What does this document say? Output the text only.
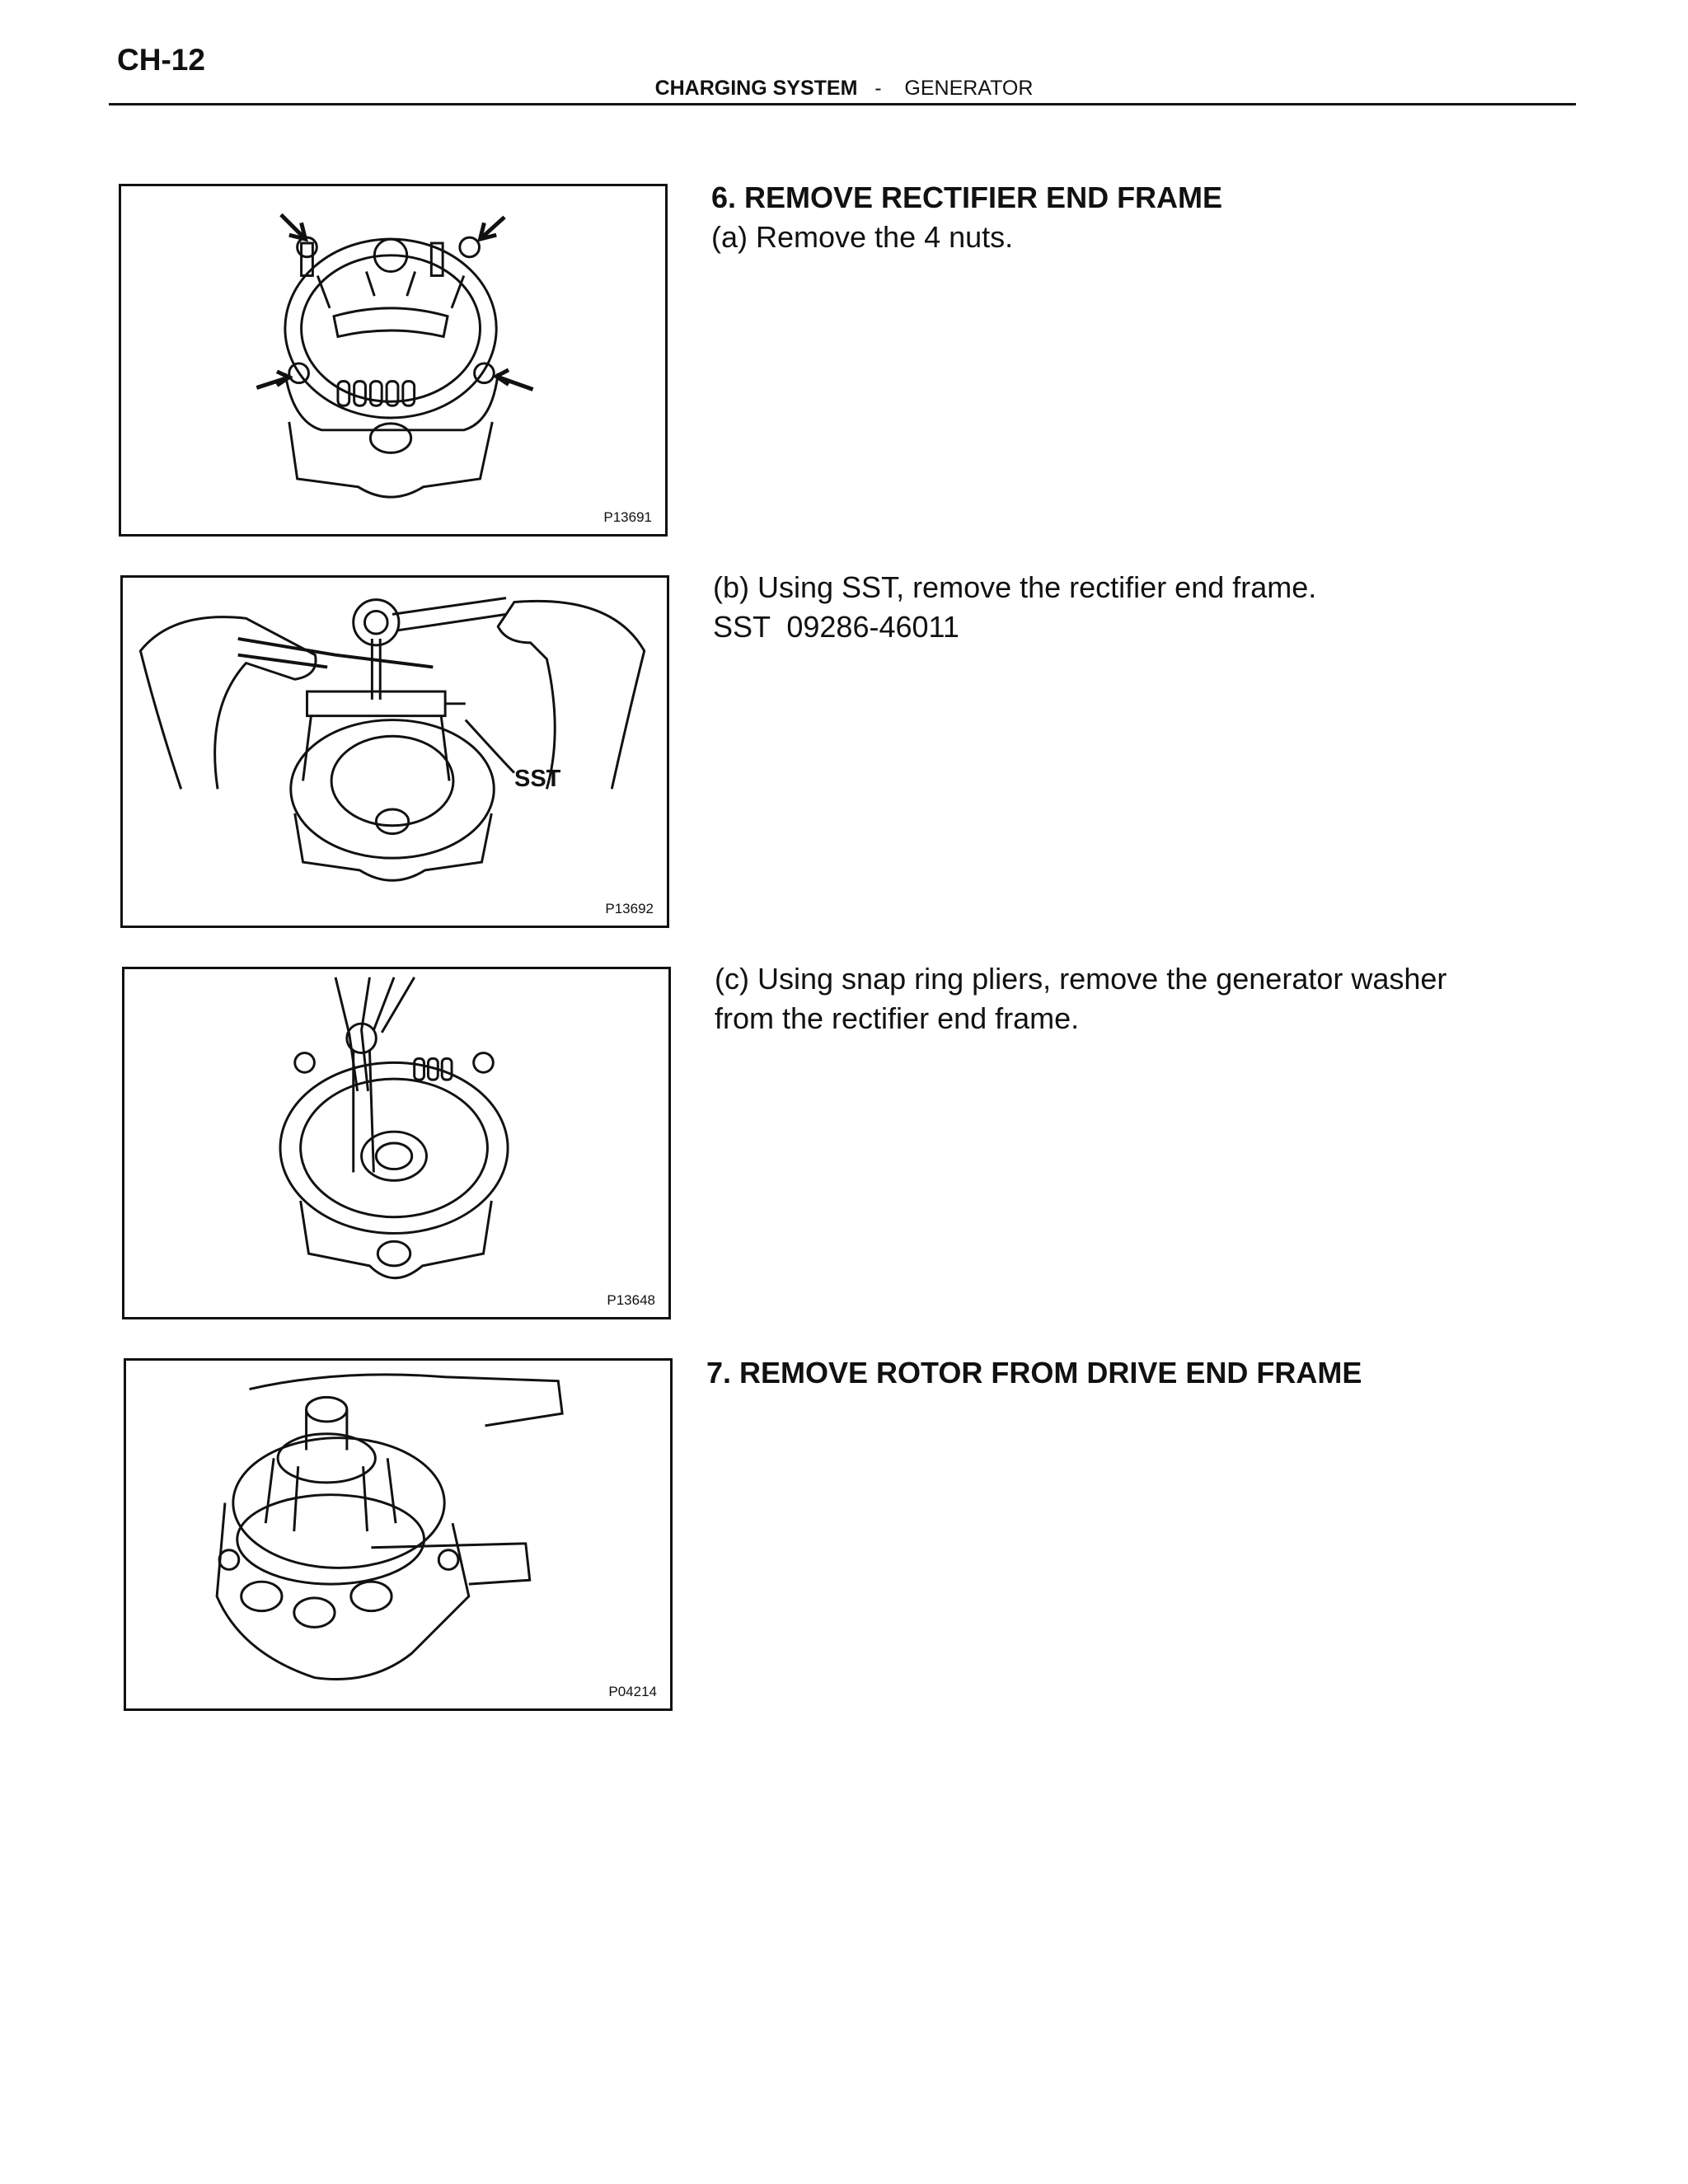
CH-12
CHARGING SYSTEM - GENERATOR
P13691
SST
P13692
P13648
P04214
6. REMOVE RECTIFIER END FRAME
(a) Remove the 4 nuts.
(b) Using SST, remove the rectifier end frame.
SST  09286-46011
(c) Using snap ring pliers, remove the generator washer
from the rectifier end frame.
7. REMOVE ROTOR FROM DRIVE END FRAME
